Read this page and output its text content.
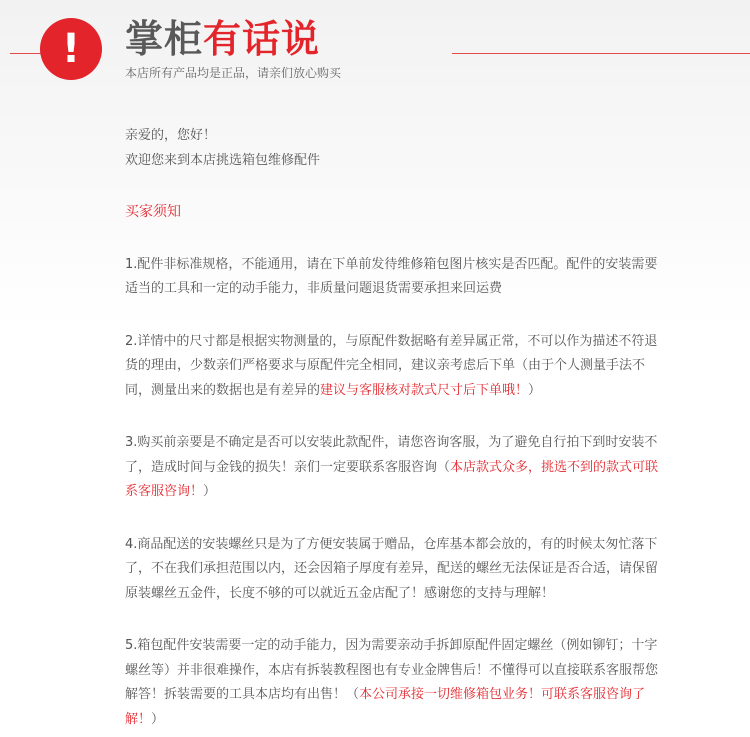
!	掌柜有话说
本店所有产品均是正品，请亲们放心购买

亲爱的，您好！

欢迎您来到本店挑选箱包维修配件

买家须知

1.配件非标准规格，不能通用，请在下单前发待维修箱包图片核实是否匹配。配件的安装需要适当的工具和一定的动手能力，非质量问题退货需要承担来回运费

2.详情中的尺寸都是根据实物测量的，与原配件数据略有差异属正常，不可以作为描述不符退货的理由，少数亲们严格要求与原配件完全相同，建议亲考虑后下单（由于个人测量手法不同，测量出来的数据也是有差异的建议与客服核对款式尺寸后下单哦！）

3.购买前亲要是不确定是否可以安装此款配件，请您咨询客服，为了避免自行拍下到时安装不了，造成时间与金钱的损失！亲们一定要联系客服咨询（本店款式众多，挑选不到的款式可联系客服咨询！）

4.商品配送的安装螺丝只是为了方便安装属于赠品，仓库基本都会放的，有的时候太匆忙落下了，不在我们承担范围以内，还会因箱子厚度有差异，配送的螺丝无法保证是否合适，请保留原装螺丝五金件，长度不够的可以就近五金店配了！感谢您的支持与理解！

5.箱包配件安装需要一定的动手能力，因为需要亲动手拆卸原配件固定螺丝（例如铆钉；十字螺丝等）并非很难操作，本店有拆装教程图也有专业金牌售后！不懂得可以直接联系客服帮您解答！拆装需要的工具本店均有出售！（本公司承接一切维修箱包业务！可联系客服咨询了解！）
